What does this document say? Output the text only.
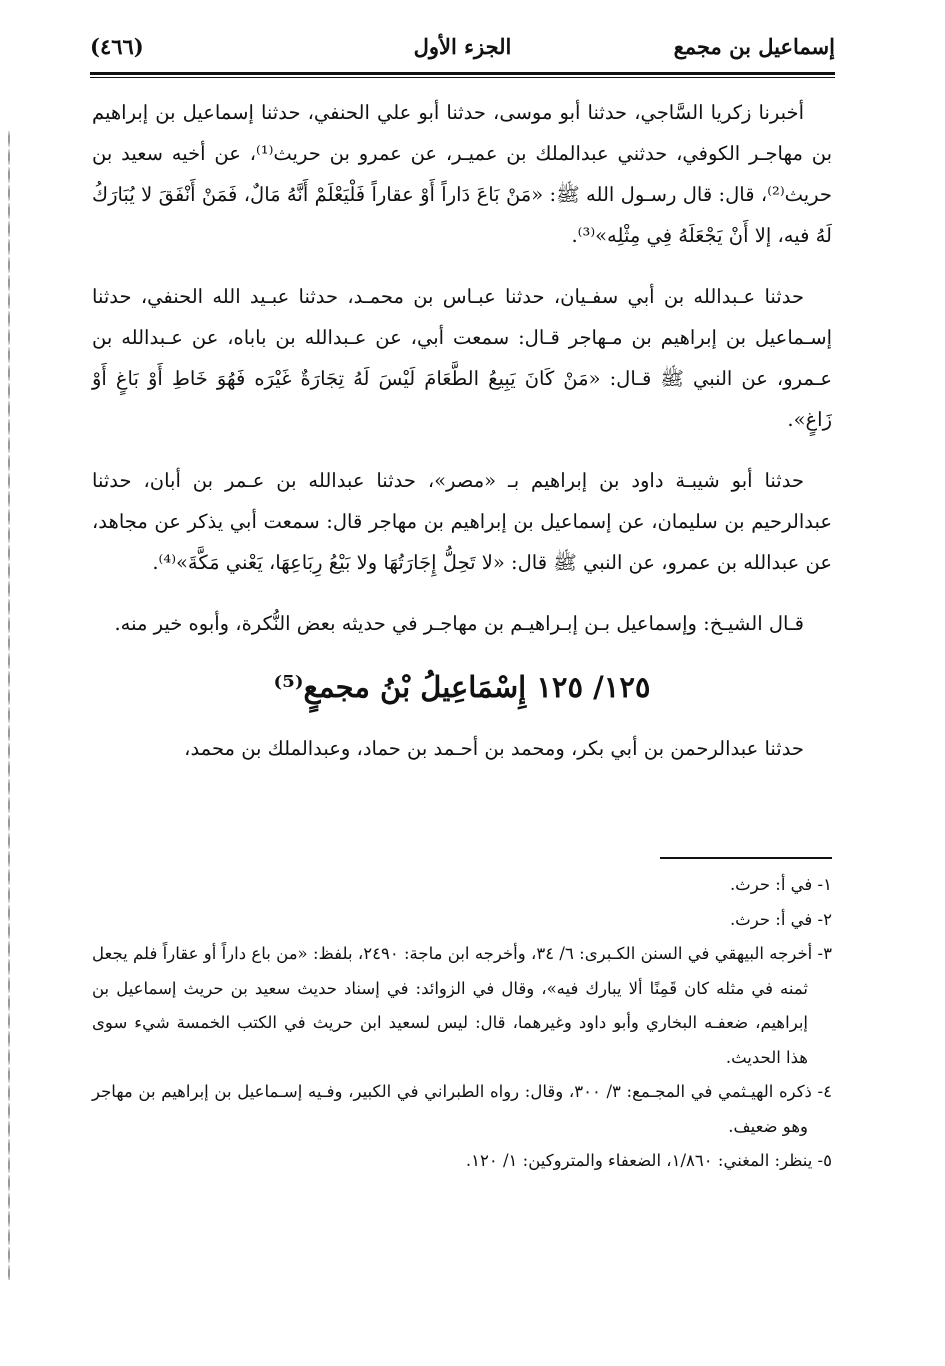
(٤٦٦)	الجزء الأول	إسماعيل بن مجمع

أخبرنا زكريا السَّاجي، حدثنا أبو موسى، حدثنا أبو علي الحنفي، حدثنا إسماعيل بن إبراهيم بن مهاجـر الكوفي، حدثني عبدالملك بن عميـر، عن عمرو بن حريث⁽¹⁾، عن أخيه سعيد بن حريث⁽²⁾، قال: قال رسـول الله ﷺ: «مَنْ بَاعَ دَاراً أَوْ عقاراً فَلْيَعْلَمْ أَنَّهُ مَالٌ، فَمَنْ أَنْفَقَ لا يُبَارَكُ لَهُ فيه، إلا أَنْ يَجْعَلَهُ فِي مِثْلِه»⁽³⁾.

حدثنا عـبدالله بن أبي سفـيان، حدثنا عبـاس بن محمـد، حدثنا عبـيد الله الحنفي، حدثنا إسـماعيل بن إبراهيم بن مـهاجر قـال: سمعت أبي، عن عـبدالله بن باباه، عن عـبدالله بن عـمرو، عن النبي ﷺ قـال: «مَنْ كَانَ يَبِيعُ الطَّعَامَ لَيْسَ لَهُ تِجَارَةٌ غَيْرَه فَهُوَ خَاطِ أَوْ بَاغٍ أَوْ زَاغٍ».

حدثنا أبو شيبـة داود بن إبراهيم بـ «مصر»، حدثنا عبدالله بن عـمر بن أبان، حدثنا عبدالرحيم بن سليمان، عن إسماعيل بن إبراهيم بن مهاجر قال: سمعت أبي يذكر عن مجاهد، عن عبدالله بن عمرو، عن النبي ﷺ قال: «لا تَحِلُّ إِجَارَتُهَا ولا بَيْعُ رِبَاعِهَا، يَعْني مَكَّةَ»⁽⁴⁾.

قـال الشيـخ: وإسماعيل بـن إبـراهيـم بن مهاجـر في حديثه بعض النُّكرة، وأبوه خير منه.

١٢٥/ ١٢٥ إِسْمَاعِيلُ بْنُ مجمعٍ⁽⁵⁾

حدثنا عبدالرحمن بن أبي بكر، ومحمد بن أحـمد بن حماد، وعبدالملك بن محمد،

١- في أ: حرث.

٢- في أ: حرث.

٣- أخرجه البيهقي في السنن الكـبرى: ٦/ ٣٤، وأخرجه ابن ماجة: ٢٤٩٠، بلفظ: «من باع داراً أو عقاراً فلم يجعل ثمنه في مثله كان قَمِنًا ألا يبارك فيه»، وقال في الزوائد: في إسناد حديث سعيد بن حريث إسماعيل بن إبراهيم، ضعفـه البخاري وأبو داود وغيرهما، قال: ليس لسعيد ابن حريث في الكتب الخمسة شيء سوى هذا الحديث.

٤- ذكره الهيـثمي في المجـمع: ٣/ ٣٠٠، وقال: رواه الطبراني في الكبير، وفـيه إسـماعيل بن إبراهيم بن مهاجر وهو ضعيف.

٥- ينظر: المغني: ١/٨٦٠، الضعفاء والمتروكين: ١/ ١٢٠.
